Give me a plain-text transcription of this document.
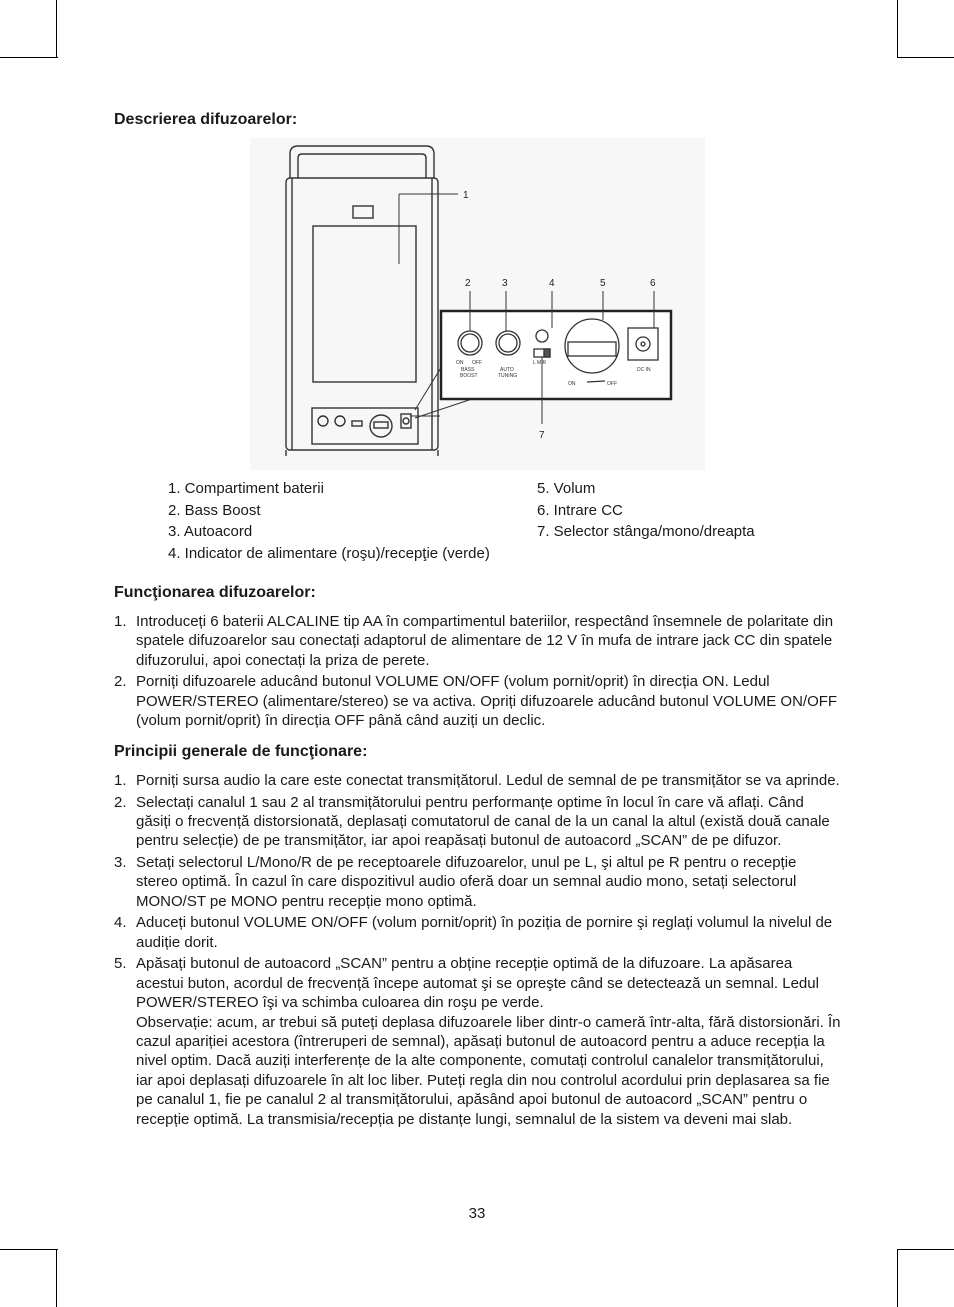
Descrierea difuzoarelor:
1
2	3	4	5	6
7
ON OFF
BASS
BOOST
AUTO
TUNING
L M R
DC IN
ON	OFF
1. Compartiment baterii
2. Bass Boost
3. Autoacord
4. Indicator de alimentare (roşu)/recepţie (verde)
5. Volum
6. Intrare CC
7. Selector stânga/mono/dreapta
Funcţionarea difuzoarelor:
1. Introduceți 6 baterii ALCALINE tip AA în compartimentul bateriilor, respectând însemnele de polaritate din spatele difuzoarelor sau conectați adaptorul de alimentare de 12 V în mufa de intrare jack CC din spatele difuzorului, apoi conectați la priza de perete.
2. Porniți difuzoarele aducând butonul VOLUME ON/OFF (volum pornit/oprit) în direcția ON. Ledul POWER/STEREO (alimentare/stereo) se va activa. Opriți difuzoarele aducând butonul VOLUME ON/OFF (volum pornit/oprit) în direcția OFF până când auziți un declic.
Principii generale de funcţionare:
1. Porniți sursa audio la care este conectat transmițătorul. Ledul de semnal de pe transmițător se va aprinde.
2. Selectați canalul 1 sau 2 al transmițătorului pentru performanțe optime în locul în care vă aflați. Când găsiți o frecvență distorsionată, deplasați comutatorul de canal de la un canal la altul (există două canale pentru selecție) de pe transmițător, iar apoi reapăsați butonul de autoacord „SCAN” de pe difuzor.
3. Setați selectorul L/Mono/R de pe receptoarele difuzoarelor, unul pe L, şi altul pe R pentru o recepție stereo optimă. În cazul în care dispozitivul audio oferă doar un semnal audio mono, setați selectorul MONO/ST pe MONO pentru recepție mono optimă.
4. Aduceți butonul VOLUME ON/OFF (volum pornit/oprit) în poziția de pornire şi reglați volumul la nivelul de audiție dorit.
5. Apăsați butonul de autoacord „SCAN” pentru a obține recepție optimă de la difuzoare. La apăsarea acestui buton, acordul de frecvență începe automat şi se opreşte când se detectează un semnal. Ledul POWER/STEREO îşi va schimba culoarea din roşu pe verde.
Observație: acum, ar trebui să puteți deplasa difuzoarele liber dintr-o cameră într-alta, fără distorsionări. În cazul apariției acestora (întreruperi de semnal), apăsați butonul de autoacord pentru a aduce recepția la nivel optim. Dacă auziți interferențe de la alte componente, comutați controlul canalelor transmițătorului, iar apoi deplasați difuzoarele în alt loc liber. Puteți regla din nou controlul acordului prin deplasarea sa fie pe canalul 1, fie pe canalul 2 al transmițătorului, apăsând apoi butonul de autoacord „SCAN” pentru o recepție optimă. La transmisia/recepția pe distanțe lungi, semnalul de la sistem va deveni mai slab.
33
